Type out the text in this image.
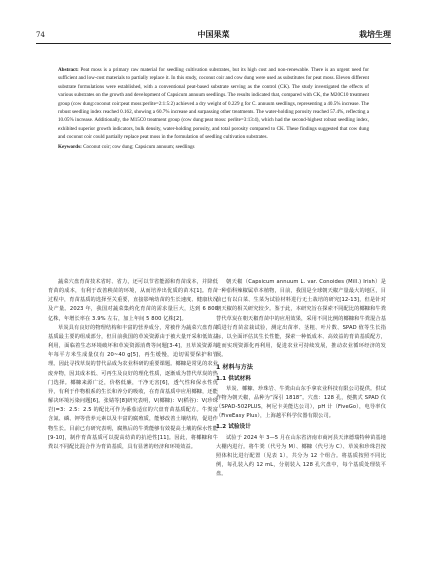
74	中国果菜	栽培生理
Abstract: Peat moss is a primary raw material for seedling cultivation substrates, but its high cost and non-renewable. There is an urgent need for sufficient and low-cost materials to partially replace it. In this study, coconut coir and cow dung were used as substitutes for peat moss. Eleven different substrate formulations were established, with a conventional peat-based substrate serving as the control (CK). The study investigated the effects of various substrates on the growth and development of Capsicum annuum seedlings. The results indicated that, compared with CK, the M20C10 treatment group (cow dung:coconut coir:peat moss:perlite=2:1:5:2) achieved a dry weight of 0.229 g for C. annuum seedlings, representing a 40.5% increase. The robust seedling index reached 0.162, showing a 60.7% increase and surpassing other treatments. The water-holding porosity reached 57.4%, reflecting a 10.05% increase. Additionally, the M15C0 treatment group (cow dung:peat moss: perlite=3:13:4), which had the second-highest robust seedling index, exhibited superior growth indicators, bulk density, water-holding porosity, and total porosity compared to CK. These findings suggested that cow dung and coconut coir could partially replace peat moss in the formulation of seedling cultivation substrates.
Keywords: Coconut coir; cow dung; Capsicum annuum; seedlings

蔬菜穴盘育苗技术省时、省力，还可以节省能源和育苗成本，并降低育苗的成本，有利于改善秧苗的环境，从而培养出优质的苗木[1]。育苗过程中，育苗基质的选择至关重要，直接影响幼苗的生长速度、健康状况及产量。2023 年，我国对蔬菜集约化育苗的需求量巨大，达到 6 800 亿株，年增长率在 3.9% 左右，加上年间 5 800 亿株[2]。

草炭具有良好的物理结构和丰富的营养成分，常被作为蔬菜穴盘育苗基质最主要的组成部分，但目前我国的草炭资源由于被大量开采和低效益利用，面临着生态环境破坏和草炭资源消费等问题[3-4]，且草炭资源每年每平方米生成量仅有 20~40 g[5]，再生缓慢，迫切需要保护和管理。因此寻找草炭的替代品成为农业科研的重要课题。椰糠是常见的农业废弃物，因其成本低、可再生及良好的理化性质，逐渐成为替代草炭的热门选择。椰糠来源广泛，价格低廉，干净无害[6]，透气性和保水性优异，有利于作物根系的生长和养分的吸收，在育苗基质中应用椰糠，还能解决环境污染问题[6]。张婧等[8]研究表明，V(椰糠)：V(稻谷)：V(珍珠岩)=3：2.5：2.5 的配比可作为番茄适宜的穴盘育苗基质配方。牛粪富含氮、磷、钾等营养元素以及丰富的腐殖质，能够改善土壤结构，促进作物生长。目前已有研究表明，腐熟后的牛粪能够有效提高土壤的保水性能[9-10]，制作育苗基质可以提高幼苗的抗逆性[11]。因此，将椰糠和牛粪以不同配比混合作为育苗基质，具有显著的经济和环境效益。

朝天椒（Capsicum annuum L. var. Conoides (Mill.) Irish）是一种茄科辣椒属草本植物，目前，我国是全球朝天椒产量最大的地区，目前已有以白菜、生菜为试验材料进行无土栽培的研究[12-13]，但是针对朝天椒的相关研究较少。鉴于此，本研究旨在探索不同配比的椰糠和牛粪替代草炭在朝天椒育苗中的应用效果，采用不同比例的椰糠和牛粪混合基质进行育苗盆栽试验，测定出苗率、茎粗、叶片数、SPAD 值等生长指标，以全面评估其生长性能，探索一种低成本、高效益的育苗基质配方，进而实现资源化再利用，促进农业可持续发展，推动农业循环经济的发展。

1 材料与方法
1.1 供试材料

草炭、椰糠、珍珠岩、牛粪由山东手拿农业科技有限公司提供。供试作物为朝天椒，品种为“深引 1818”。穴盘：128 孔，便携式 SPAD 仪（SPAD-502PLUS，柯尼卡美能达公司），pH 计（FiveGo），电导率仪（FiveEasy Plus），上海越平科学仪器有限公司。

1.2 试验设计

试验于 2024 年 3—5 月在山东省济南市商河县天津德瑞特种苗基地大棚内进行。将牛粪（代号为 M）、椰糠（代号为 C）、草炭和珍珠岩按照体积比进行配置（见表 1），共分为 12 个组合。将基质按照不同比例，每孔装入约 12 mL，分别装入 128 孔穴盘中，每个基质处理装平盘。
